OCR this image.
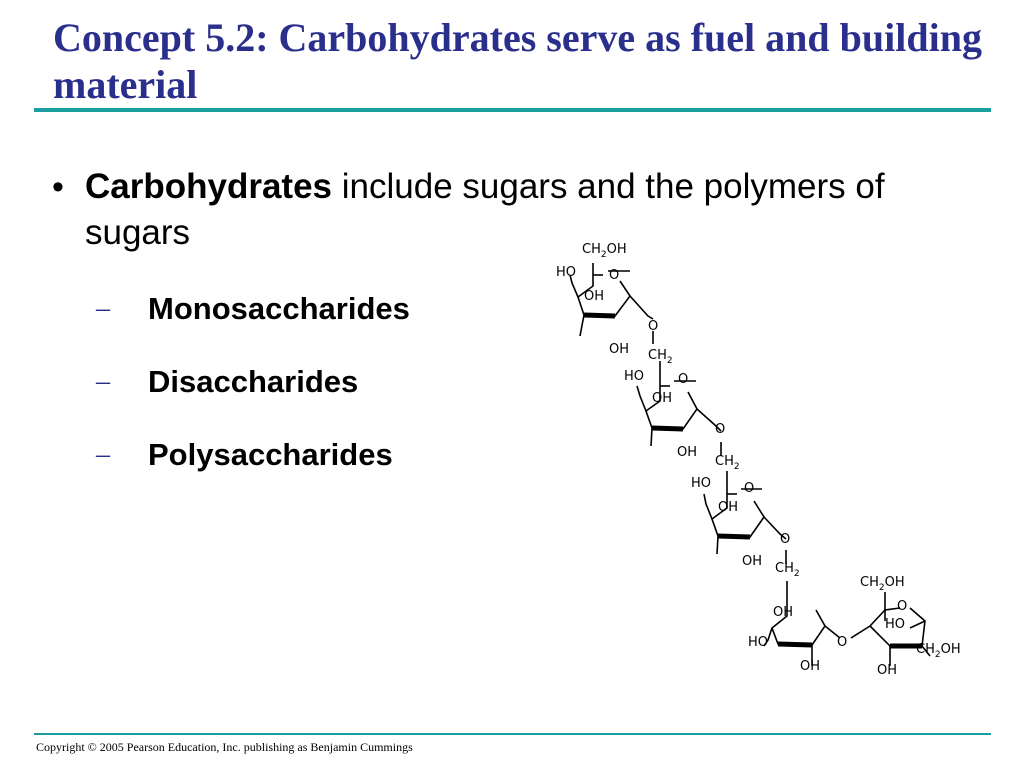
Concept 5.2: Carbohydrates serve as fuel and building material
• Carbohydrates include sugars and the polymers of sugars
– Monosaccharides
– Disaccharides
– Polysaccharides
$CH_2OH$
HO	O
OH
O
OH $CH_2$
HO	O
OH
O
OH
$CH_2$
HO	O
OH
O
OH $CH_2$
OH
HO
OH
O
$CH_2OH$
O
HO
$CH_2OH$
OH
Copyright © 2005 Pearson Education, Inc. publishing as Benjamin Cummings
